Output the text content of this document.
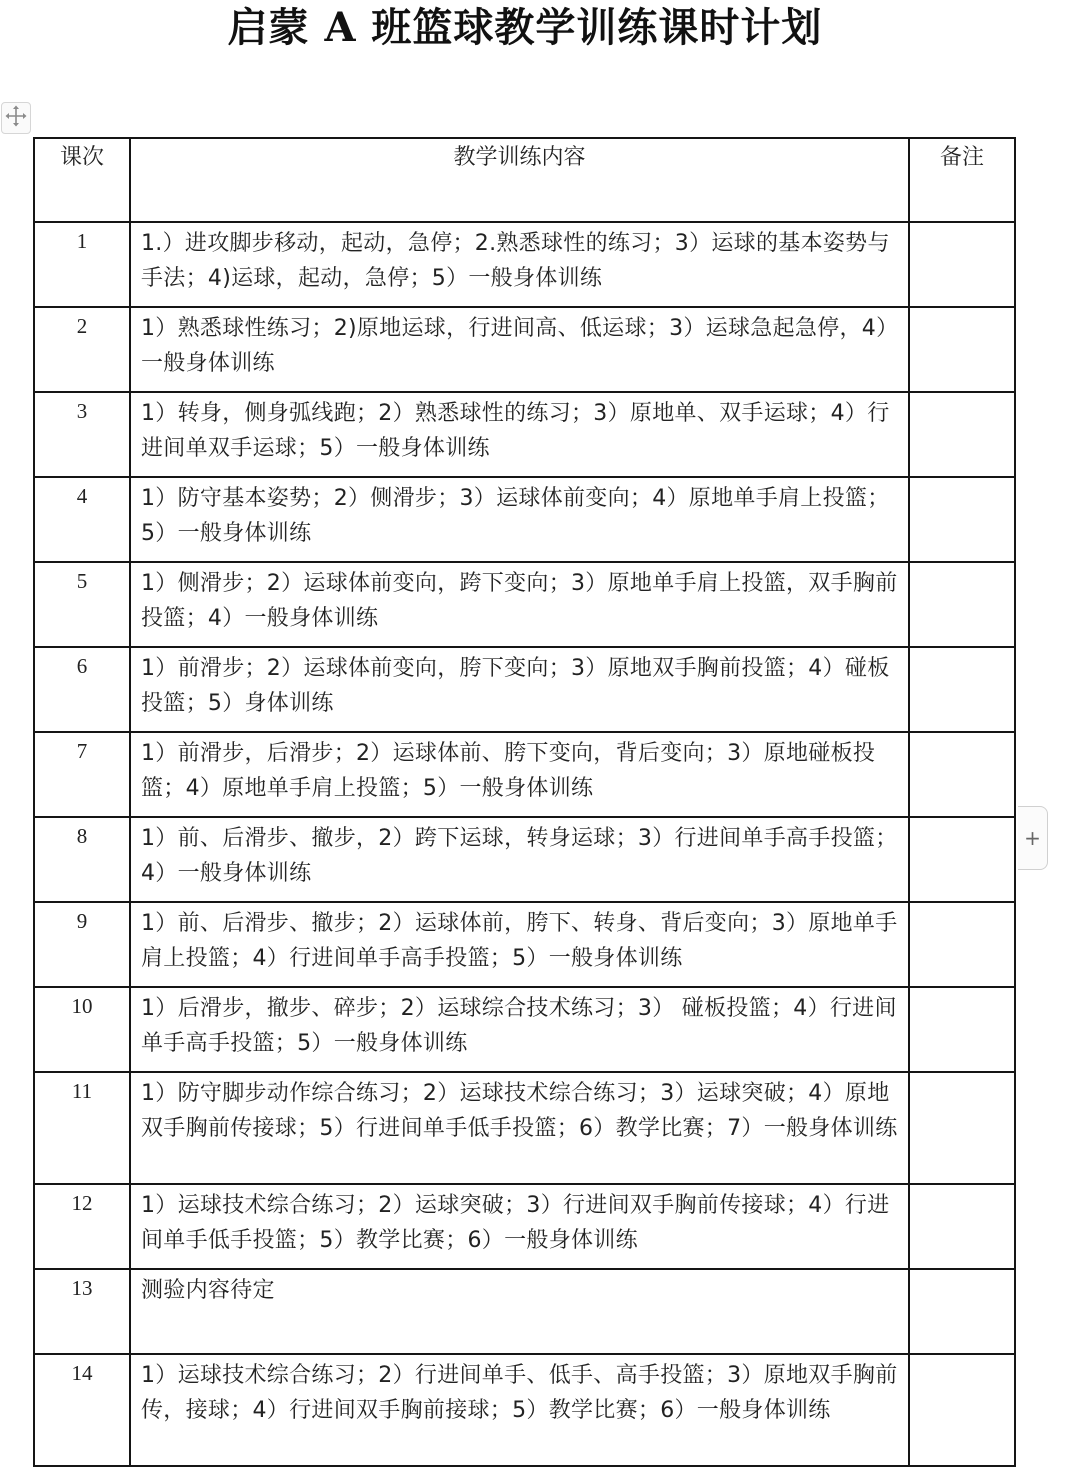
启蒙 A 班篮球教学训练课时计划
+
课次	教学训练内容	备注
1	1.）进攻脚步移动，起动，急停；2.熟悉球性的练习；3）运球的基本姿势与手法；4)运球，起动，急停；5）一般身体训练	
2	1）熟悉球性练习；2)原地运球，行进间高、低运球；3）运球急起急停，4）一般身体训练	
3	1）转身，侧身弧线跑；2）熟悉球性的练习；3）原地单、双手运球；4）行进间单双手运球；5）一般身体训练	
4	1）防守基本姿势；2）侧滑步；3）运球体前变向；4）原地单手肩上投篮；5）一般身体训练	
5	1）侧滑步；2）运球体前变向，跨下变向；3）原地单手肩上投篮，双手胸前投篮；4）一般身体训练	
6	1）前滑步；2）运球体前变向，胯下变向；3）原地双手胸前投篮；4）碰板投篮；5）身体训练	
7	1）前滑步，后滑步；2）运球体前、胯下变向，背后变向；3）原地碰板投篮；4）原地单手肩上投篮；5）一般身体训练	
8	1）前、后滑步、撤步，2）跨下运球，转身运球；3）行进间单手高手投篮；4）一般身体训练	
9	1）前、后滑步、撤步；2）运球体前，胯下、转身、背后变向；3）原地单手肩上投篮；4）行进间单手高手投篮；5）一般身体训练	
10	1）后滑步，撤步、碎步；2）运球综合技术练习；3） 碰板投篮；4）行进间单手高手投篮；5）一般身体训练	
11	1）防守脚步动作综合练习；2）运球技术综合练习；3）运球突破；4）原地双手胸前传接球；5）行进间单手低手投篮；6）教学比赛；7）一般身体训练	
12	1）运球技术综合练习；2）运球突破；3）行进间双手胸前传接球；4）行进间单手低手投篮；5）教学比赛；6）一般身体训练	
13	测验内容待定	
14	1）运球技术综合练习；2）行进间单手、低手、高手投篮；3）原地双手胸前传，接球；4）行进间双手胸前接球；5）教学比赛；6）一般身体训练	
